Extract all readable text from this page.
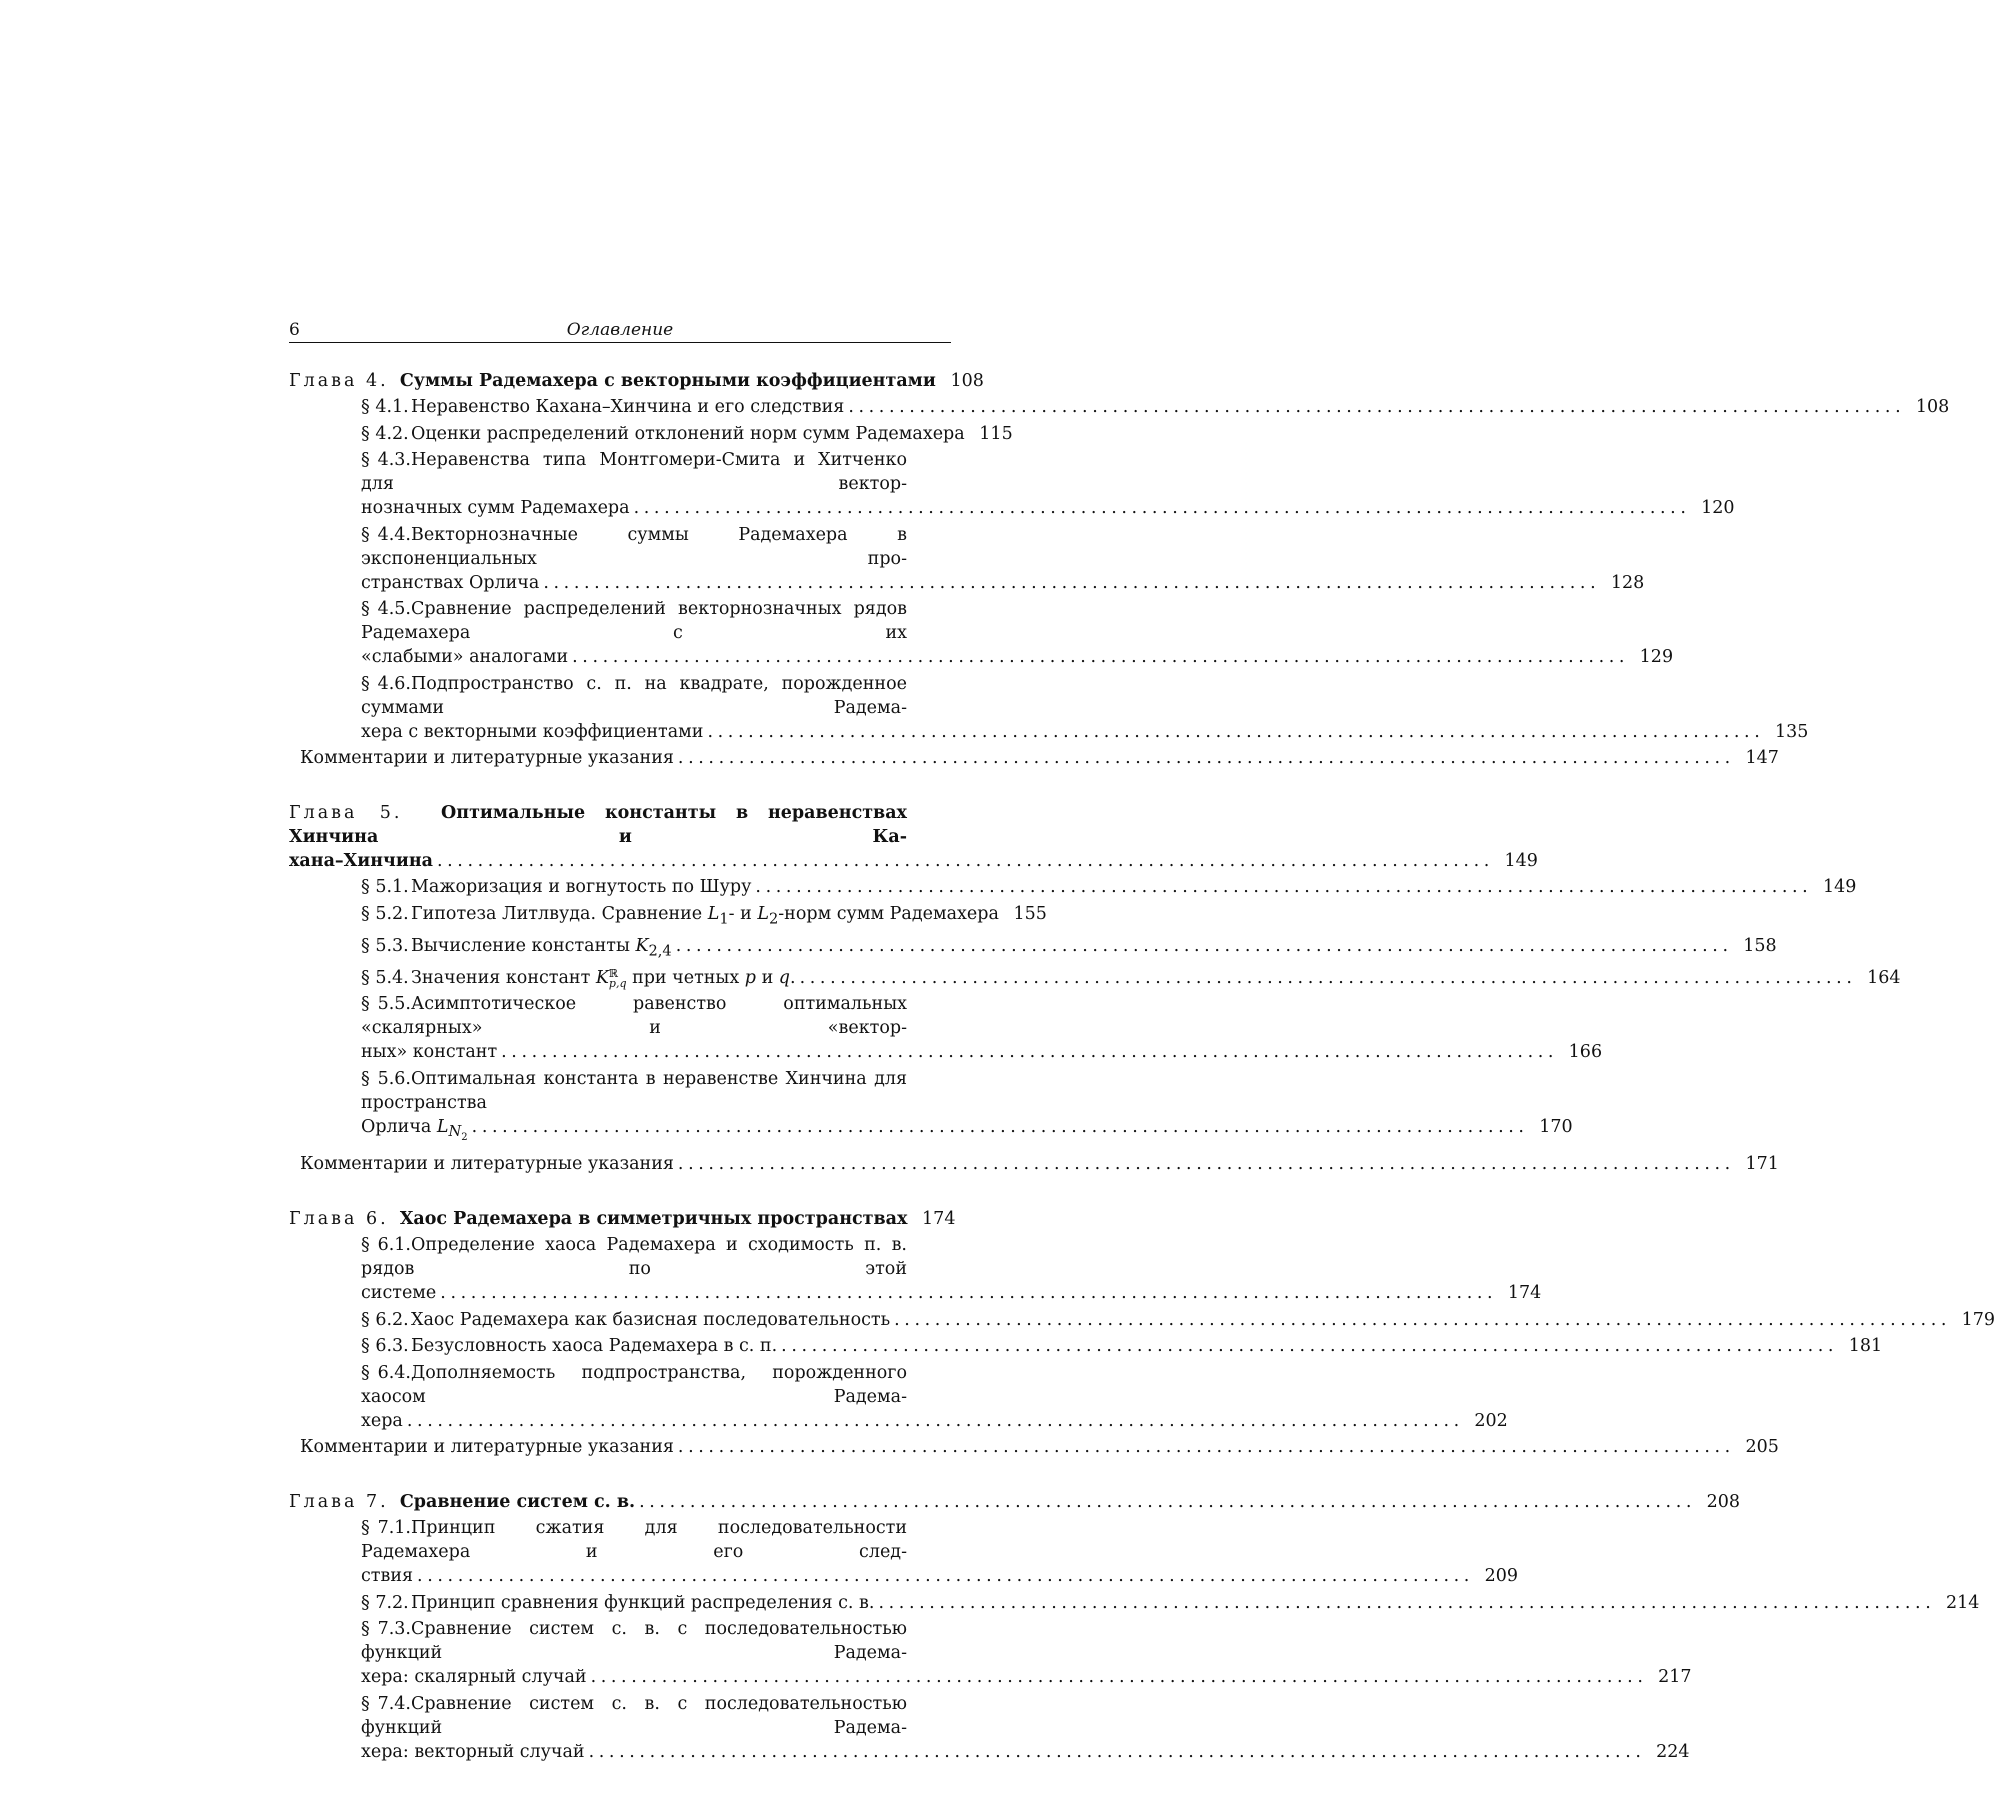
6	Оглавление
Глава 4. Суммы Радемахера с векторными коэффициентами 108
§ 4.1. Неравенство Кахана–Хинчина и его следствия ........................................................................................................ 108
§ 4.2. Оценки распределений отклонений норм сумм Радемахера 115
§ 4.3.Неравенства типа Монтгомери-Смита и Хитченко для вектор-
нозначных сумм Радемахера ........................................................................................................ 120
§ 4.4.Векторнозначные суммы Радемахера в экспоненциальных про-
странствах Орлича ........................................................................................................ 128
§ 4.5.Сравнение распределений векторнозначных рядов Радемахера с их
«слабыми» аналогами ........................................................................................................ 129
§ 4.6.Подпространство с. п. на квадрате, порожденное суммами Радема-
хера с векторными коэффициентами ........................................................................................................ 135
Комментарии и литературные указания ........................................................................................................ 147
Глава 5. Оптимальные константы в неравенствах Хинчина и Ка-
хана–Хинчина ........................................................................................................ 149
§ 5.1. Мажоризация и вогнутость по Шуру ........................................................................................................ 149
§ 5.2. Гипотеза Литлвуда. Сравнение $L_1-$ и $L_2$-норм сумм Радемахера 155
§ 5.3. Вычисление константы $K_{2,4}$ ........................................................................................................ 158
§ 5.4. Значения констант K ℝ
p,q при четных p и q. ........................................................................................................ 164
§ 5.5.Асимптотическое равенство оптимальных «скалярных» и «вектор-
ных» констант ........................................................................................................ 166
§ 5.6.Оптимальная константа в неравенстве Хинчина для пространства
Орлича $L_{N_2}$
........................................................................................................ 170
Комментарии и литературные указания ........................................................................................................ 171
Глава 6. Хаос Радемахера в симметричных пространствах 174
§ 6.1.Определение хаоса Радемахера и сходимость п. в. рядов по этой
системе ........................................................................................................ 174
§ 6.2. Хаос Радемахера как базисная последовательность ........................................................................................................ 179
§ 6.3. Безусловность хаоса Радемахера в с. п. ........................................................................................................ 181
§ 6.4.Дополняемость подпространства, порожденного хаосом Радема-
хера ........................................................................................................ 202
Комментарии и литературные указания ........................................................................................................ 205
Глава 7. Сравнение систем с. в. ........................................................................................................ 208
§ 7.1.Принцип сжатия для последовательности Радемахера и его след-
ствия ........................................................................................................ 209
§ 7.2. Принцип сравнения функций распределения с. в. ........................................................................................................ 214
§ 7.3.Сравнение систем с. в. с последовательностью функций Радема-
хера: скалярный случай ........................................................................................................ 217
§ 7.4.Сравнение систем с. в. с последовательностью функций Радема-
хера: векторный случай ........................................................................................................ 224
